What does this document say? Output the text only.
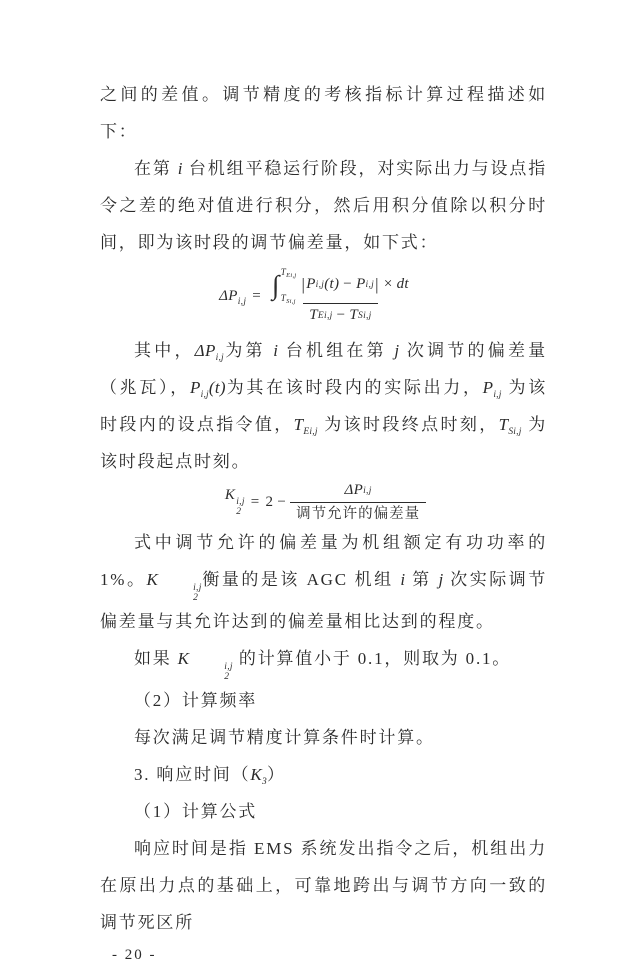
之间的差值。调节精度的考核指标计算过程描述如下：

在第 i 台机组平稳运行阶段，对实际出力与设点指令之差的绝对值进行积分，然后用积分值除以积分时间，即为该时段的调节偏差量，如下式：

$\Delta P_{i,j}$ = ∫ $T_{Ei,j}$
$T_{Si,j}$
| P i,j (t) − P i,j | × dt
T Ei,j − T Si,j

其中，$\Delta P_{i,j}$为第 i 台机组在第 j 次调节的偏差量（兆瓦），$P_{i,j}(t)$为其在该时段内的实际出力，$P_{i,j}$ 为该时段内的设点指令值，$T_{Ei,j}$ 为该时段终点时刻，$T_{Si,j}$ 为该时段起点时刻。

K i,j
2
= $2 - \frac{\text{ΔP i,j}}{\text{调节允许的偏差量}}$

式中调节允许的偏差量为机组额定有功功率的 1%。K	i,j
2
衡量的是该 AGC 机组 i 第 j 次实际调节偏差量与其允许达到的偏差量相比达到的程度。

如果 K	i,j
2
的计算值小于 0.1，则取为 0.1。

（2）计算频率

每次满足调节精度计算条件时计算。

3. 响应时间$(K_3)$

（1）计算公式

响应时间是指 EMS 系统发出指令之后，机组出力在原出力点的基础上，可靠地跨出与调节方向一致的调节死区所

- 20 -
